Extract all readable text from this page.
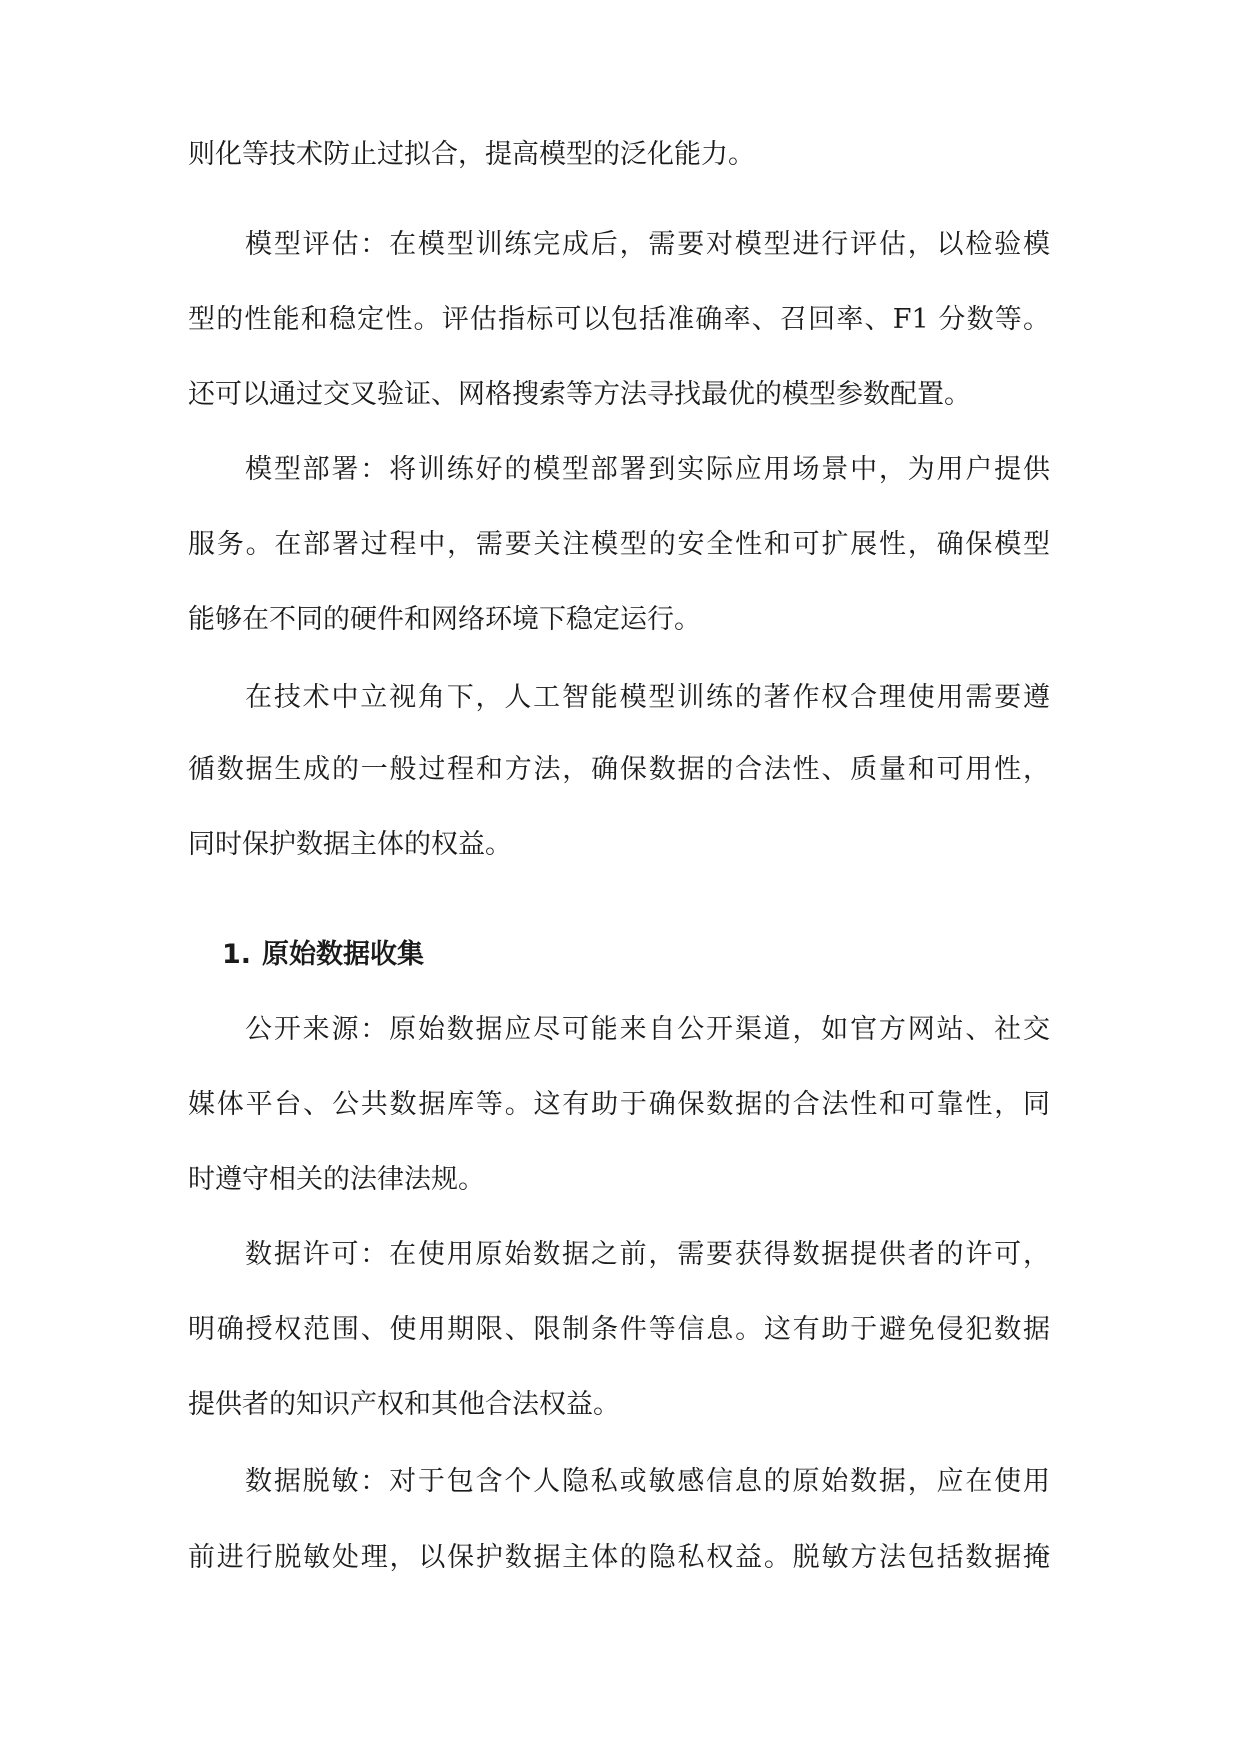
则化等技术防止过拟合，提高模型的泛化能力。
模型评估：在模型训练完成后，需要对模型进行评估，以检验模
型的性能和稳定性。评估指标可以包括准确率、召回率、F1 分数等。
还可以通过交叉验证、网格搜索等方法寻找最优的模型参数配置。
模型部署：将训练好的模型部署到实际应用场景中，为用户提供
服务。在部署过程中，需要关注模型的安全性和可扩展性，确保模型
能够在不同的硬件和网络环境下稳定运行。
在技术中立视角下，人工智能模型训练的著作权合理使用需要遵
循数据生成的一般过程和方法，确保数据的合法性、质量和可用性，
同时保护数据主体的权益。
1. 原始数据收集
公开来源：原始数据应尽可能来自公开渠道，如官方网站、社交
媒体平台、公共数据库等。这有助于确保数据的合法性和可靠性，同
时遵守相关的法律法规。
数据许可：在使用原始数据之前，需要获得数据提供者的许可，
明确授权范围、使用期限、限制条件等信息。这有助于避免侵犯数据
提供者的知识产权和其他合法权益。
数据脱敏：对于包含个人隐私或敏感信息的原始数据，应在使用
前进行脱敏处理，以保护数据主体的隐私权益。脱敏方法包括数据掩
